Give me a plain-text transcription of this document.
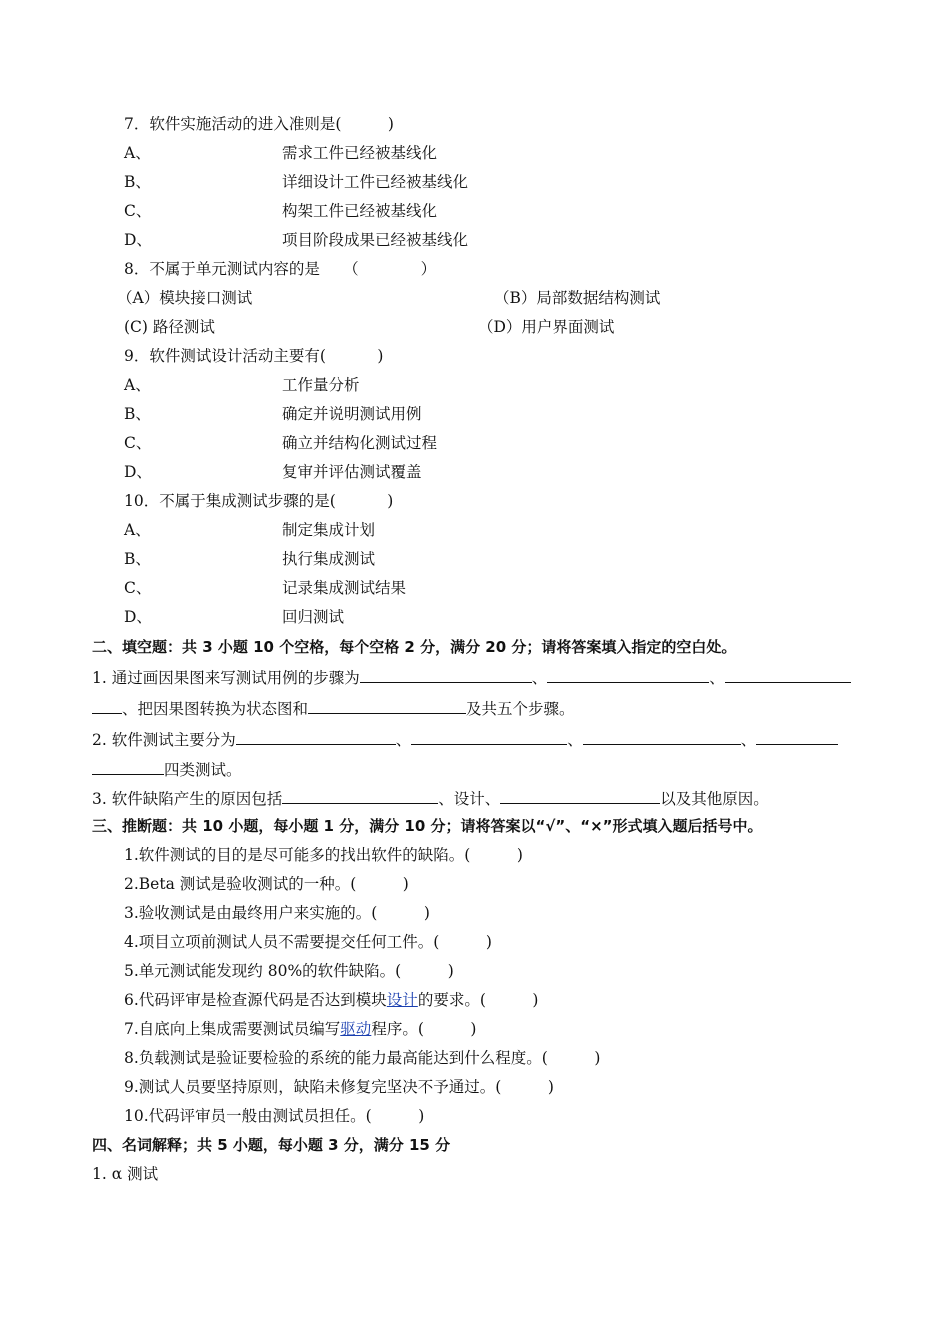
7．软件实施活动的进入准则是(　　　)
A、	需求工件已经被基线化
B、	详细设计工件已经被基线化
C、	构架工件已经被基线化
D、	项目阶段成果已经被基线化
8．不属于单元测试内容的是　　（　　　　）
（A）模块接口测试	（B）局部数据结构测试
(C) 路径测试	（D）用户界面测试
9．软件测试设计活动主要有(　　　 )
A、	工作量分析
B、	确定并说明测试用例
C、	确立并结构化测试过程
D、	复审并评估测试覆盖
10．不属于集成测试步骤的是(　　　 )
A、	制定集成计划
B、	执行集成测试
C、	记录集成测试结果
D、	回归测试
二、填空题：共 3 小题 10 个空格，每个空格 2 分，满分 20 分；请将答案填入指定的空白处。
1. 通过画因果图来写测试用例的步骤为	、	、
、把因果图转换为状态图和	及共五个步骤。
2. 软件测试主要分为	、	、	、
四类测试。
3. 软件缺陷产生的原因包括	、设计、	以及其他原因。
三、推断题：共 10 小题，每小题 1 分，满分 10 分；请将答案以“√”、“×”形式填入题后括号中。
1.软件测试的目的是尽可能多的找出软件的缺陷。(　　　)
2.Beta 测试是验收测试的一种。(　　　)
3.验收测试是由最终用户来实施的。(　　　)
4.项目立项前测试人员不需要提交任何工件。(　　　)
5.单元测试能发现约 80%的软件缺陷。(　　　)
6.代码评审是检查源代码是否达到模块设计的要求。(　　　)
7.自底向上集成需要测试员编写驱动程序。(　　　)
8.负载测试是验证要检验的系统的能力最高能达到什么程度。(　　　)
9.测试人员要坚持原则，缺陷未修复完坚决不予通过。(　　　)
10.代码评审员一般由测试员担任。(　　　)
四、名词解释；共 5 小题，每小题 3 分，满分 15 分
1. α 测试
